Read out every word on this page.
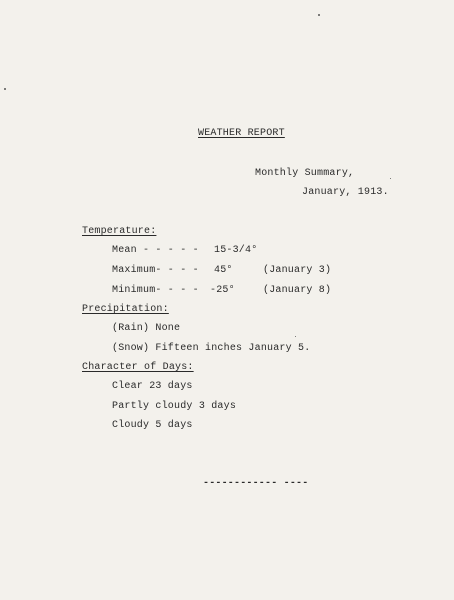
WEATHER REPORT
Monthly Summary,
January, 1913.
Temperature:
Mean - - - - - 15-3/4°
Maximum- - - - 45°	(January 3)
Minimum- - - - -25°	(January 8)
Precipitation:
(Rain) None
(Snow) Fifteen inches January 5.
Character of Days:
Clear 23 days
Partly cloudy 3 days
Cloudy 5 days
------------ ----
